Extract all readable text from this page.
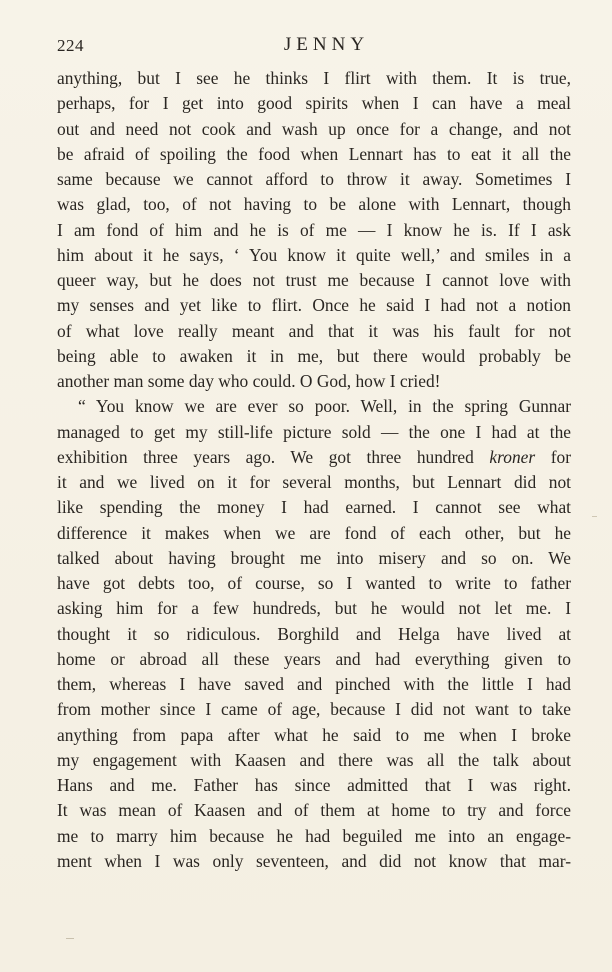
224	JENNY
anything, but I see he thinks I flirt with them. It is true,
perhaps, for I get into good spirits when I can have a meal
out and need not cook and wash up once for a change, and not
be afraid of spoiling the food when Lennart has to eat it all the
same because we cannot afford to throw it away. Sometimes I
was glad, too, of not having to be alone with Lennart, though
I am fond of him and he is of me — I know he is. If I ask
him about it he says, ‘ You know it quite well,’ and smiles in a
queer way, but he does not trust me because I cannot love with
my senses and yet like to flirt. Once he said I had not a notion
of what love really meant and that it was his fault for not
being able to awaken it in me, but there would probably be
another man some day who could. O God, how I cried!
“ You know we are ever so poor. Well, in the spring Gunnar
managed to get my still-life picture sold — the one I had at the
exhibition three years ago. We got three hundred kroner for
it and we lived on it for several months, but Lennart did not
like spending the money I had earned. I cannot see what
difference it makes when we are fond of each other, but he
talked about having brought me into misery and so on. We
have got debts too, of course, so I wanted to write to father
asking him for a few hundreds, but he would not let me. I
thought it so ridiculous. Borghild and Helga have lived at
home or abroad all these years and had everything given to
them, whereas I have saved and pinched with the little I had
from mother since I came of age, because I did not want to take
anything from papa after what he said to me when I broke
my engagement with Kaasen and there was all the talk about
Hans and me. Father has since admitted that I was right.
It was mean of Kaasen and of them at home to try and force
me to marry him because he had beguiled me into an engage-
ment when I was only seventeen, and did not know that mar-
